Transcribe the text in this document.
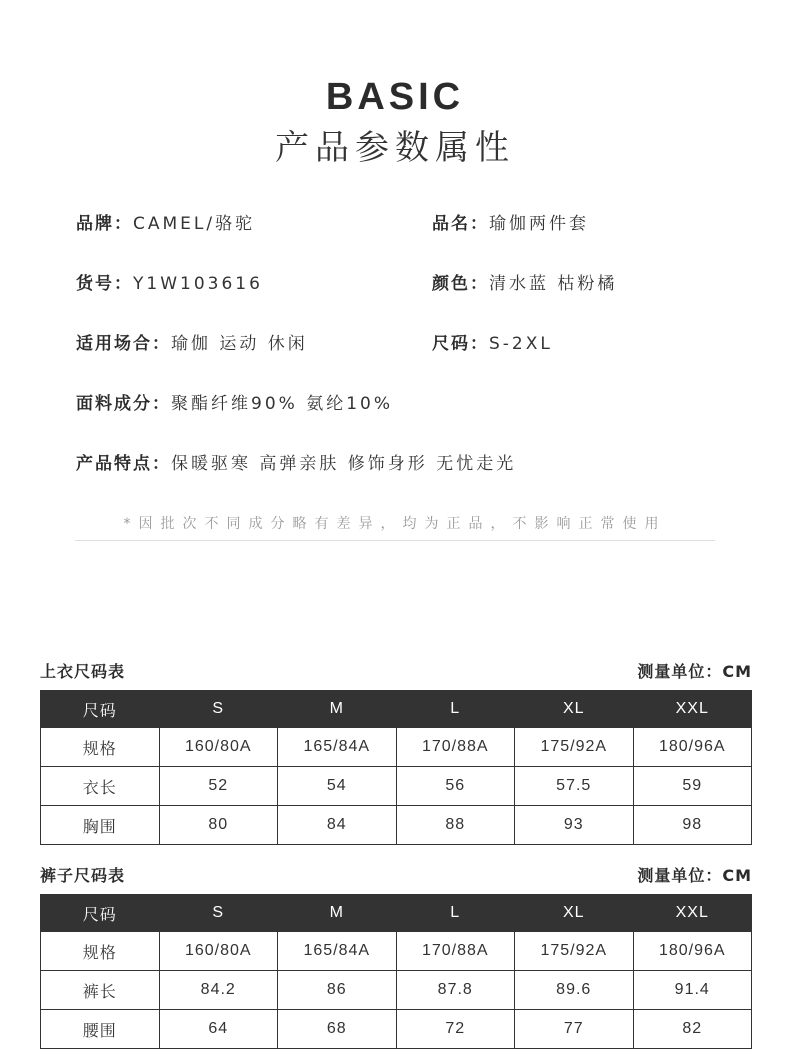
BASIC
产品参数属性
品牌：CAMEL/骆驼	品名：瑜伽两件套
货号：Y1W103616	颜色：清水蓝 枯粉橘
适用场合：瑜伽 运动 休闲	尺码：S-2XL
面料成分：聚酯纤维90% 氨纶10%
产品特点：保暖驱寒 高弹亲肤 修饰身形 无忧走光
*因批次不同成分略有差异，均为正品，不影响正常使用
上衣尺码表	测量单位：CM
尺码	S	M	L	XL	XXL
规格	160/80A	165/84A	170/88A	175/92A	180/96A
衣长	52	54	56	57.5	59
胸围	80	84	88	93	98
裤子尺码表	测量单位：CM
尺码	S	M	L	XL	XXL
规格	160/80A	165/84A	170/88A	175/92A	180/96A
裤长	84.2	86	87.8	89.6	91.4
腰围	64	68	72	77	82
